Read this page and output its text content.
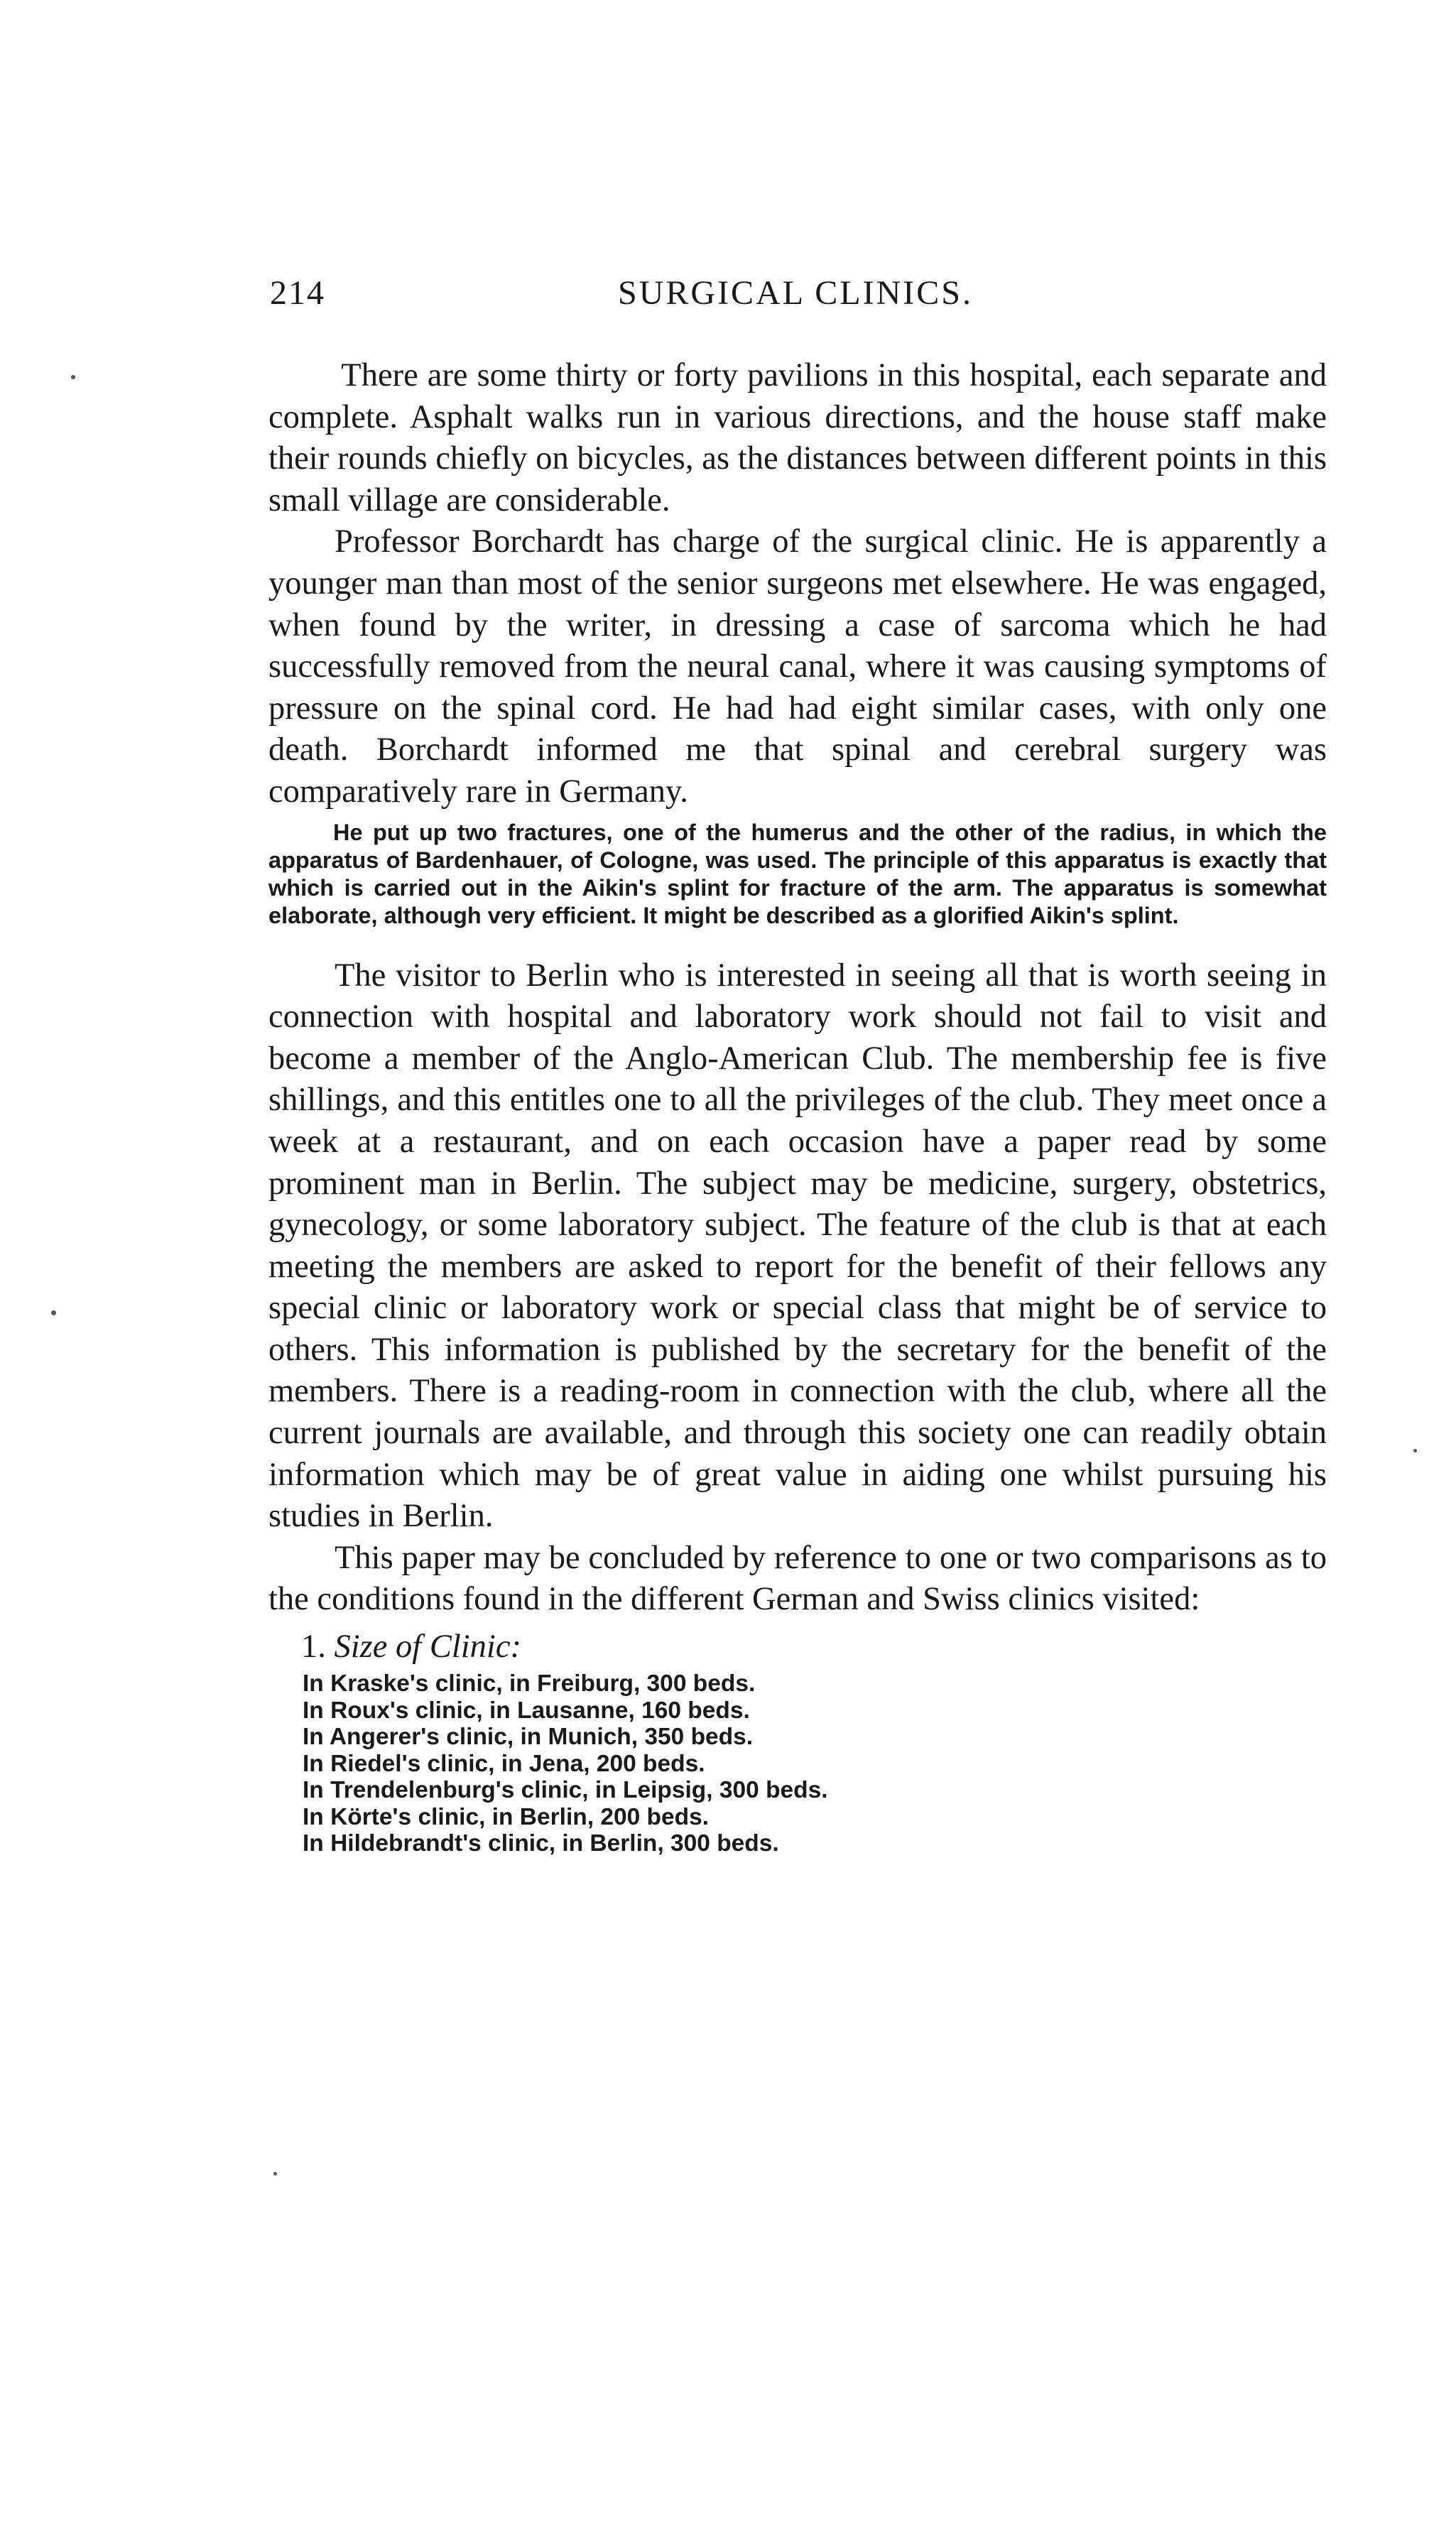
214	SURGICAL CLINICS.

There are some thirty or forty pavilions in this hospital, each separate and complete. Asphalt walks run in various directions, and the house staff make their rounds chiefly on bicycles, as the distances between different points in this small village are considerable.

Professor Borchardt has charge of the surgical clinic. He is apparently a younger man than most of the senior surgeons met elsewhere. He was engaged, when found by the writer, in dressing a case of sarcoma which he had successfully removed from the neural canal, where it was causing symptoms of pressure on the spinal cord. He had had eight similar cases, with only one death. Borchardt informed me that spinal and cerebral surgery was comparatively rare in Germany.

He put up two fractures, one of the humerus and the other of the radius, in which the apparatus of Bardenhauer, of Cologne, was used. The principle of this apparatus is exactly that which is carried out in the Aikin's splint for fracture of the arm. The apparatus is somewhat elaborate, although very efficient. It might be described as a glorified Aikin's splint.

The visitor to Berlin who is interested in seeing all that is worth seeing in connection with hospital and laboratory work should not fail to visit and become a member of the Anglo-American Club. The membership fee is five shillings, and this entitles one to all the privileges of the club. They meet once a week at a restaurant, and on each occasion have a paper read by some prominent man in Berlin. The subject may be medicine, surgery, obstetrics, gynecology, or some laboratory subject. The feature of the club is that at each meeting the members are asked to report for the benefit of their fellows any special clinic or laboratory work or special class that might be of service to others. This information is published by the secretary for the benefit of the members. There is a reading-room in connection with the club, where all the current journals are available, and through this society one can readily obtain information which may be of great value in aiding one whilst pursuing his studies in Berlin.

This paper may be concluded by reference to one or two comparisons as to the conditions found in the different German and Swiss clinics visited:

1. Size of Clinic:
In Kraske's clinic, in Freiburg, 300 beds.
In Roux's clinic, in Lausanne, 160 beds.
In Angerer's clinic, in Munich, 350 beds.
In Riedel's clinic, in Jena, 200 beds.
In Trendelenburg's clinic, in Leipsig, 300 beds.
In Körte's clinic, in Berlin, 200 beds.
In Hildebrandt's clinic, in Berlin, 300 beds.
